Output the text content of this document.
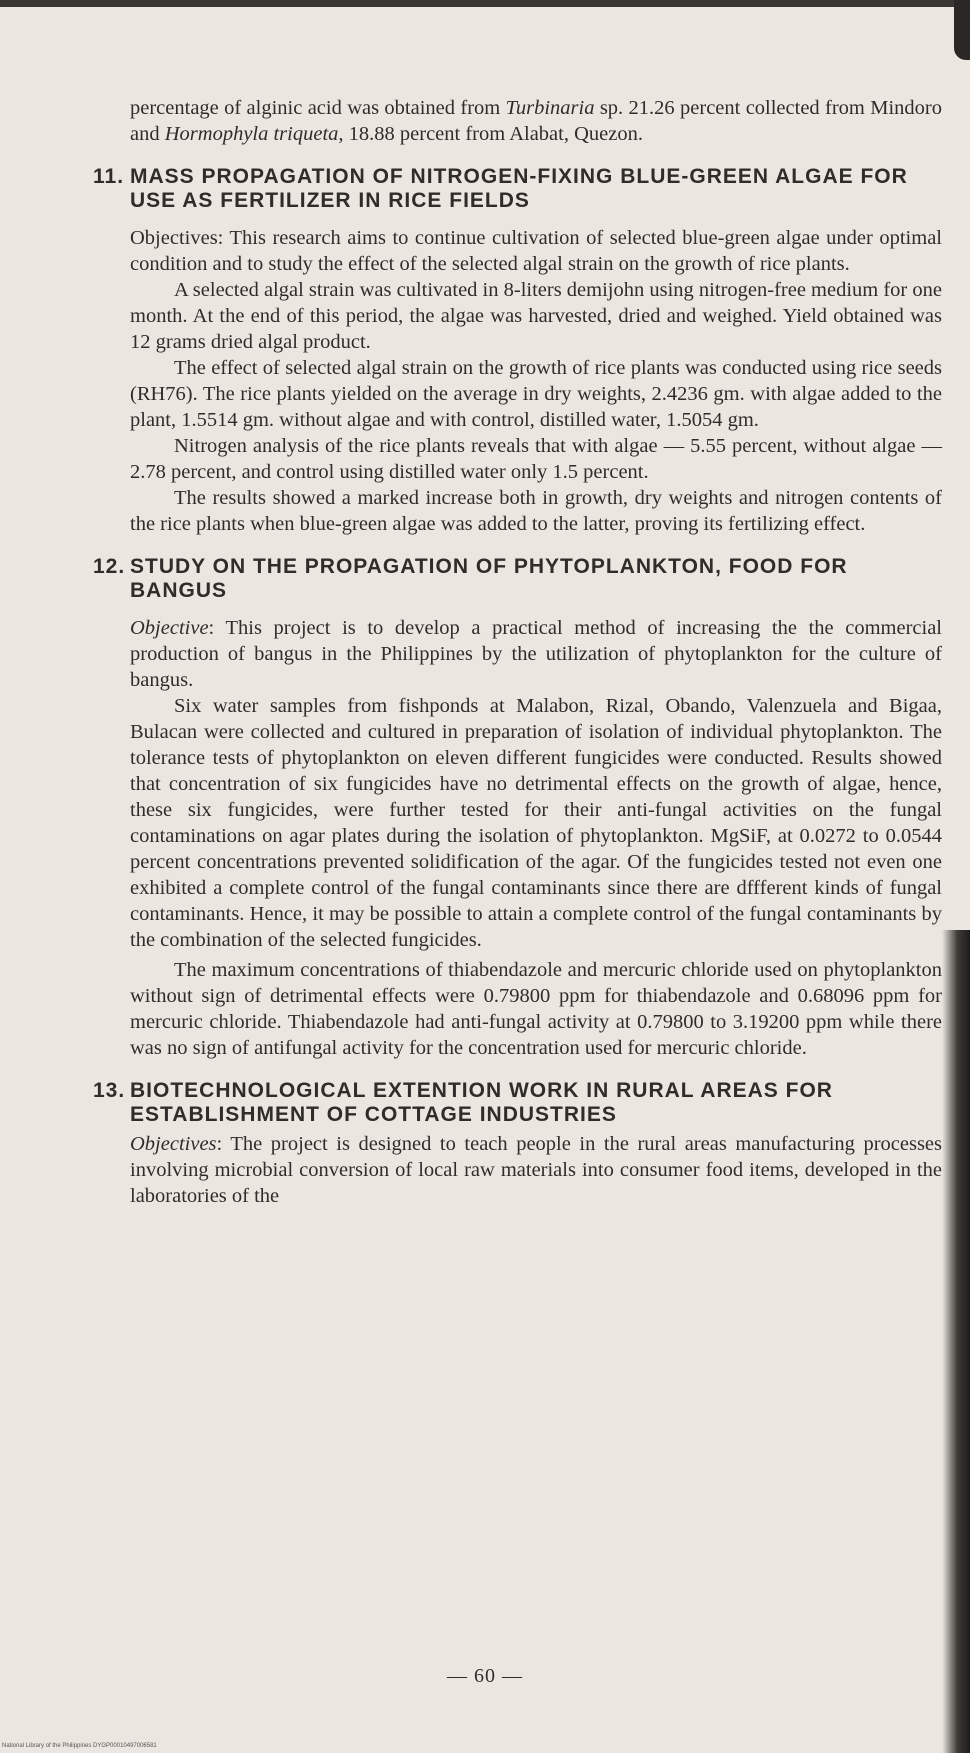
percentage of alginic acid was obtained from Turbinaria sp. 21.26 percent collected from Mindoro and Hormophyla triqueta, 18.88 percent from Alabat, Quezon.

11. MASS PROPAGATION OF NITROGEN-FIXING BLUE-GREEN ALGAE FOR USE AS FERTILIZER IN RICE FIELDS

Objectives: This research aims to continue cultivation of selected blue-green algae under optimal condition and to study the effect of the selected algal strain on the growth of rice plants.

A selected algal strain was cultivated in 8-liters demijohn using nitrogen-free medium for one month. At the end of this period, the algae was harvested, dried and weighed. Yield obtained was 12 grams dried algal product.

The effect of selected algal strain on the growth of rice plants was conducted using rice seeds (RH76). The rice plants yielded on the average in dry weights, 2.4236 gm. with algae added to the plant, 1.5514 gm. without algae and with control, distilled water, 1.5054 gm.

Nitrogen analysis of the rice plants reveals that with algae — 5.55 percent, without algae — 2.78 percent, and control using distilled water only 1.5 percent.

The results showed a marked increase both in growth, dry weights and nitrogen contents of the rice plants when blue-green algae was added to the latter, proving its fertilizing effect.

12. STUDY ON THE PROPAGATION OF PHYTOPLANKTON, FOOD FOR BANGUS

Objective: This project is to develop a practical method of increasing the the commercial production of bangus in the Philippines by the utilization of phytoplankton for the culture of bangus.

Six water samples from fishponds at Malabon, Rizal, Obando, Valenzuela and Bigaa, Bulacan were collected and cultured in preparation of isolation of individual phytoplankton. The tolerance tests of phytoplankton on eleven different fungicides were conducted. Results showed that concentration of six fungicides have no detrimental effects on the growth of algae, hence, these six fungicides, were further tested for their anti-fungal activities on the fungal contaminations on agar plates during the isolation of phytoplankton. MgSiF, at 0.0272 to 0.0544 percent concentrations prevented solidification of the agar. Of the fungicides tested not even one exhibited a complete control of the fungal contaminants since there are dffferent kinds of fungal contaminants. Hence, it may be possible to attain a complete control of the fungal contaminants by the combination of the selected fungicides.

The maximum concentrations of thiabendazole and mercuric chloride used on phytoplankton without sign of detrimental effects were 0.79800 ppm for thiabendazole and 0.68096 ppm for mercuric chloride. Thiabendazole had anti-fungal activity at 0.79800 to 3.19200 ppm while there was no sign of antifungal activity for the concentration used for mercuric chloride.

13. BIOTECHNOLOGICAL EXTENTION WORK IN RURAL AREAS FOR ESTABLISHMENT OF COTTAGE INDUSTRIES

Objectives: The project is designed to teach people in the rural areas manufacturing processes involving microbial conversion of local raw materials into consumer food items, developed in the laboratories of the

— 60 —
National Library of the Philippines DYGP00010497006581
